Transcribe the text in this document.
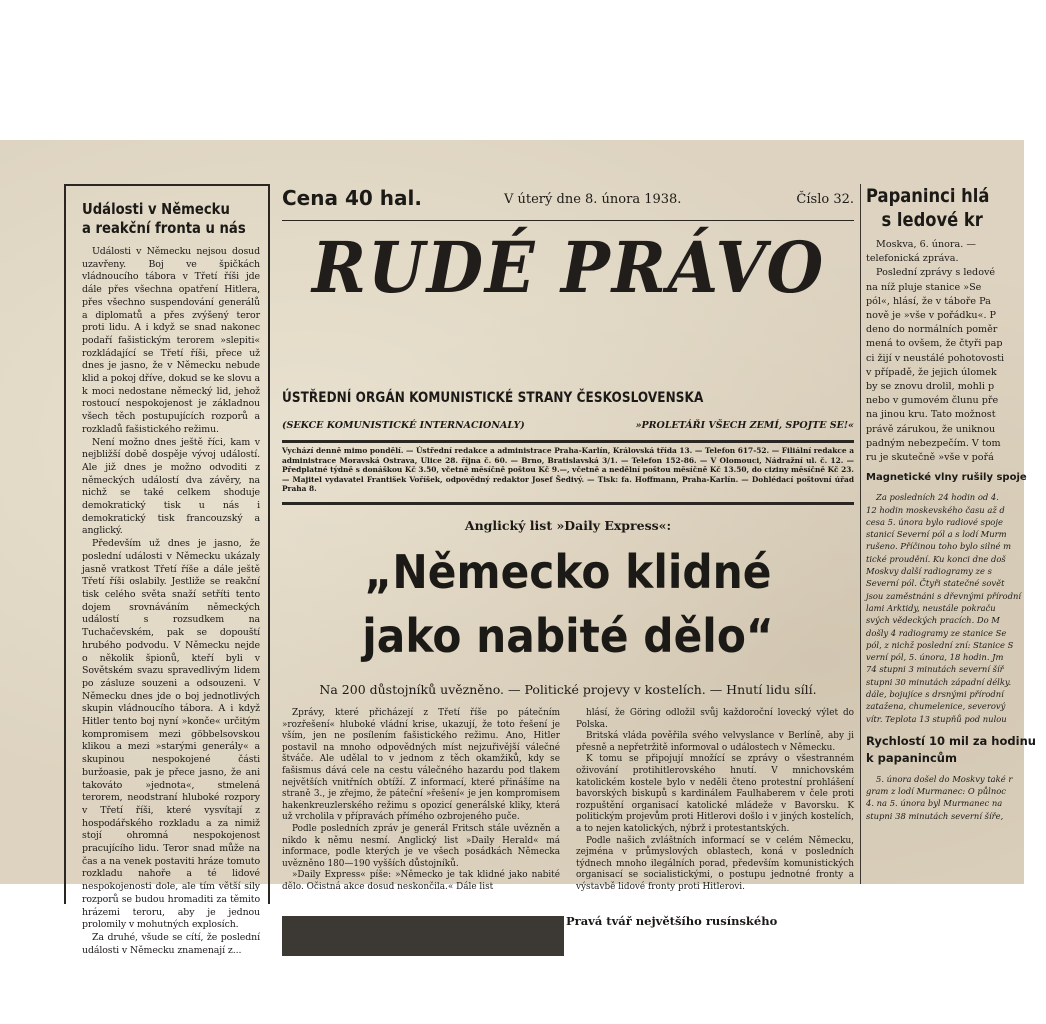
Události v Německu
a reakční fronta u nás

Události v Německu nejsou dosud uzavřeny. Boj ve špičkách vládnoucího tábora v Třetí říši jde dále přes všechna opatření Hitlera, přes všechno suspendování generálů a diplomatů a přes zvýšený teror proti lidu. A i když se snad nakonec podaří fašistickým terorem »slepiti« rozkládající se Třetí říši, přece už dnes je jasno, že v Německu nebude klid a pokoj dříve, dokud se ke slovu a k moci nedostane německý lid, jehož rostoucí nespokojenost je základnou všech těch postupujících rozporů a rozkladů fašistického režimu.

Není možno dnes ještě říci, kam v nejbližší době dospěje vývoj událostí. Ale již dnes je možno odvoditi z německých událostí dva závěry, na nichž se také celkem shoduje demokratický tisk u nás i demokratický tisk francouzský a anglický.

Především už dnes je jasno, že poslední události v Německu ukázaly jasně vratkost Třetí říše a dále ještě Třetí říši oslabily. Jestliže se reakční tisk celého světa snaží setříti tento dojem srovnáváním německých událostí s rozsudkem na Tuchačevském, pak se dopouští hrubého podvodu. V Německu nejde o několik špionů, kteří byli v Sovětském svazu spravedlivým lidem po zásluze souzeni a odsouzeni. V Německu dnes jde o boj jednotlivých skupin vládnoucího tábora. A i když Hitler tento boj nyní »konče« určitým kompromisem mezi göbbelsovskou klikou a mezi »starými generály« a skupinou nespokojené části buržoasie, pak je přece jasno, že ani takováto »jednota«, stmelená terorem, neodstraní hluboké rozpory v Třetí říši, které vysvítají z hospodářského rozkladu a za nimiž stojí ohromná nespokojenost pracujícího lidu. Teror snad může na čas a na venek postaviti hráze tomuto rozkladu nahoře a té lidové nespokojenosti dole, ale tím větší sily rozporů se budou hromaditi za těmito hrázemi teroru, aby je jednou prolomily v mohutných explosích.

Za druhé, všude se cítí, že poslední události v Německu znamenají z...

Cena 40 hal.	V úterý dne 8. února 1938.	Číslo 32.
RUDÉ PRÁVO
ÚSTŘEDNÍ ORGÁN KOMUNISTICKÉ STRANY ČESKOSLOVENSKA
(SEKCE KOMUNISTICKÉ INTERNACIONALY)	»PROLETÁŘI VŠECH ZEMÍ, SPOJTE SE!«
Vychází denně mimo pondělí. — Ústřední redakce a administrace Praha-Karlín, Královská třída 13. — Telefon 617-52. — Filiální redakce a administrace Moravská Ostrava, Ulice 28. října č. 60. — Brno, Bratislavská 3/1. — Telefon 152-86. — V Olomouci, Nádražní ul. č. 12. — Předplatné týdně s donáškou Kč 3.50, včetně měsíčně poštou Kč 9.—, včetně a nedělní poštou měsíčně Kč 13.50, do ciziny měsíčně Kč 23.— Majitel vydavatel František Voříšek, odpovědný redaktor Josef Šedivý. — Tisk: fa. Hoffmann, Praha-Karlín. — Dohlédací poštovní úřad Praha 8.
Anglický list »Daily Express«:
„Německo klidné
jako nabité dělo“
Na 200 důstojníků uvězněno. — Politické projevy v kostelích. — Hnutí lidu sílí.

Zprávy, které přicházejí z Třetí říše po pátečním »rozřešení« hluboké vládní krise, ukazují, že toto řešení je vším, jen ne posílením fašistického režimu. Ano, Hitler postavil na mnoho odpovědných míst nejzuřivější válečné štváče. Ale udělal to v jednom z těch okamžiků, kdy se fašismus dává cele na cestu válečného hazardu pod tlakem největších vnitřních obtíží. Z informací, které přinášíme na straně 3., je zřejmo, že páteční »řešení« je jen kompromisem hakenkreuzlerského režimu s opozicí generálské kliky, která už vrcholila v přípravách přímého ozbrojeného puče.

Podle posledních zpráv je generál Fritsch stále uvězněn a nikdo k němu nesmí. Anglický list »Daily Herald« má informace, podle kterých je ve všech posádkách Německa uvězněno 180—190 vyšších důstojníků.

»Daily Express« píše: »Německo je tak klidné jako nabité dělo. Očistná akce dosud neskončila.« Dále list

hlásí, že Göring odložil svůj každoroční lovecký výlet do Polska.

Britská vláda pověřila svého velvyslance v Berlíně, aby ji přesně a nepřetržitě informoval o událostech v Německu.

K tomu se připojují množící se zprávy o všestranném oživování protihitlerovského hnutí. V mnichovském katolickém kostele bylo v neděli čteno protestní prohlášení bavorských biskupů s kardinálem Faulhaberem v čele proti rozpuštění organisací katolické mládeže v Bavorsku. K politickým projevům proti Hitlerovi došlo i v jiných kostelích, a to nejen katolických, nýbrž i protestantských.

Podle našich zvláštních informací se v celém Německu, zejména v průmyslových oblastech, koná v posledních týdnech mnoho ilegálních porad, především komunistických organisací se socialistickými, o postupu jednotné fronty a výstavbě lidové fronty proti Hitlerovi.

Pravá tvář největšího rusínského
Papaninci hlá
s ledové kr
Moskva, 6. února. —
telefonická zpráva.
Poslední zprávy s ledové
na níž pluje stanice »Se
pól«, hlásí, že v táboře Pa
nově je »vše v pořádku«. P
deno do normálních poměr
mená to ovšem, že čtyři pap
ci žijí v neustálé pohotovosti
v případě, že jejich úlomek
by se znovu drolil, mohli p
nebo v gumovém člunu pře
na jinou kru. Tato možnost
právě zárukou, že uniknou
padným nebezpečím. V tom
ru je skutečně »vše v pořá
Magnetické vlny rušily spoje
Za posledních 24 hodin od 4.
12 hodin moskevského času až d
cesa 5. února bylo radiové spoje
stanicí Severní pól a s lodí Murm
rušeno. Příčinou toho bylo silné m
tické proudění. Ku konci dne doš
Moskvy další radiogramy ze s
Severní pól. Čtyři statečné sovět
jsou zaměstnáni s dřevnými přírodní
lami Arktidy, neustále pokraču
svých vědeckých pracích. Do M
došly 4 radiogramy ze stanice Se
pól, z nichž poslední zní: Stanice S
verní pól, 5. února, 18 hodin. Jm
74 stupni 3 minutách severní šíř
stupni 30 minutách západní délky.
dále, bojujíce s drsnými přírodní
zatažena, chumelenice, severový
vítr. Teplota 13 stupňů pod nulou
Rychlostí 10 mil za hodinu
k papanincům
5. února došel do Moskvy také r
gram z lodí Murmanec: O půlnoc
4. na 5. února byl Murmanec na
stupni 38 minutách severní šíře,
